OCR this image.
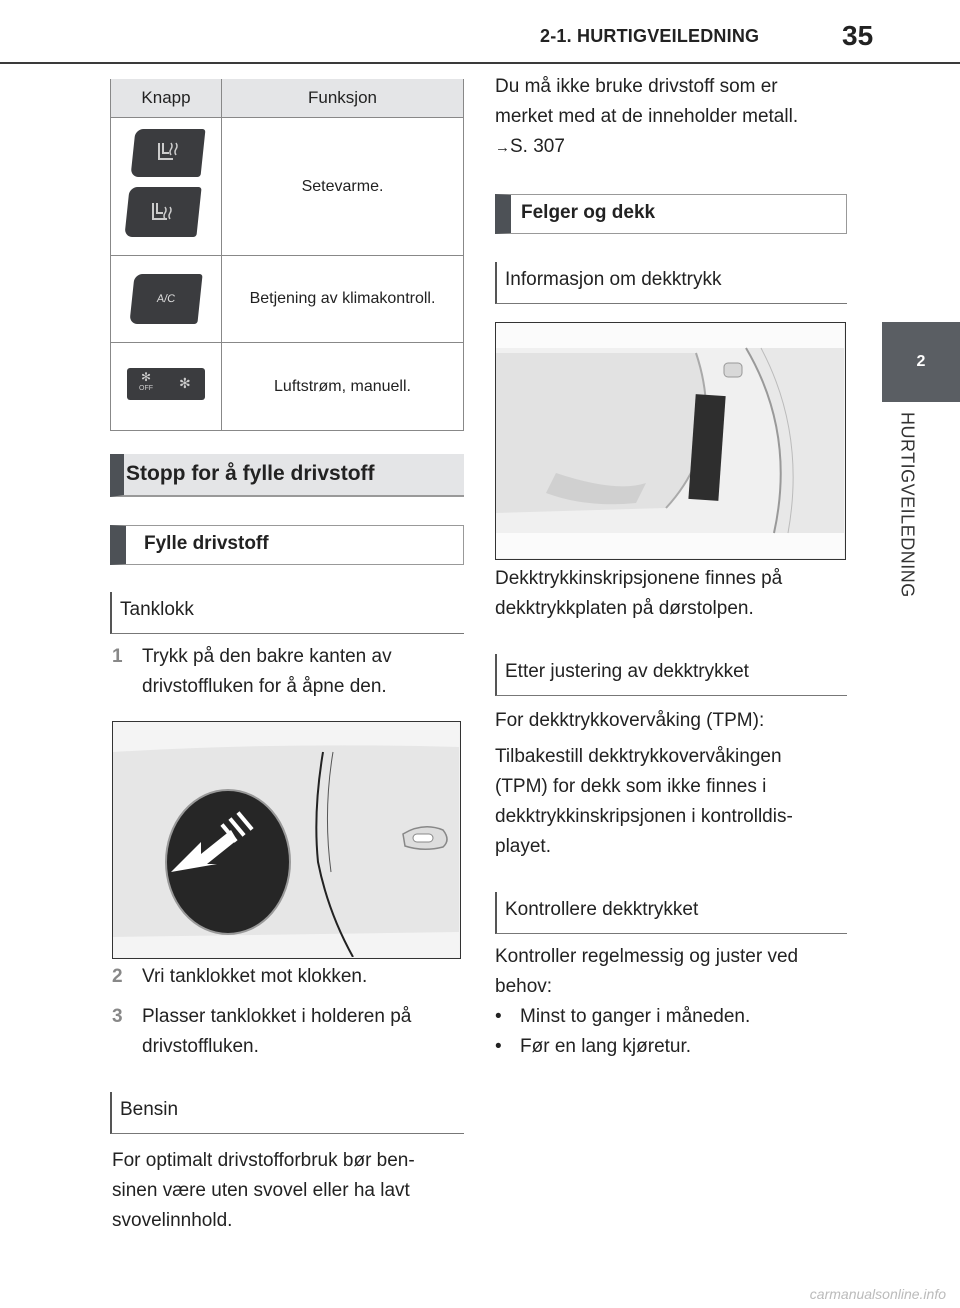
2-1. HURTIGVEILEDNING	35
2
HURTIGVEILEDNING
Knapp	Funksjon

	Setevarme.
A/C	Betjening av klimakontroll.

✻
OFF ✻	Luftstrøm, manuell.
Stopp for å fylle drivstoff
Fylle drivstoff
Tanklokk
1 Trykk på den bakre kanten av drivstoffluken for å åpne den.
2 Vri tanklokket mot klokken.
3 Plasser tanklokket i holderen på drivstoffluken.
Bensin
For optimalt drivstofforbruk bør ben-
sinen være uten svovel eller ha lavt
svovelinnhold.
Du må ikke bruke drivstoff som er
merket med at de inneholder metall.
→S. 307
Felger og dekk
Informasjon om dekktrykk
Dekktrykkinskripsjonene finnes på
dekktrykkplaten på dørstolpen.
Etter justering av dekktrykket
For dekktrykkovervåking (TPM):
Tilbakestill dekktrykkovervåkingen
(TPM) for dekk som ikke finnes i
dekktrykkinskripsjonen i kontrolldis-
playet.
Kontrollere dekktrykket
Kontroller regelmessig og juster ved
behov:
• Minst to ganger i måneden.
• Før en lang kjøretur.
carmanualsonline.info
